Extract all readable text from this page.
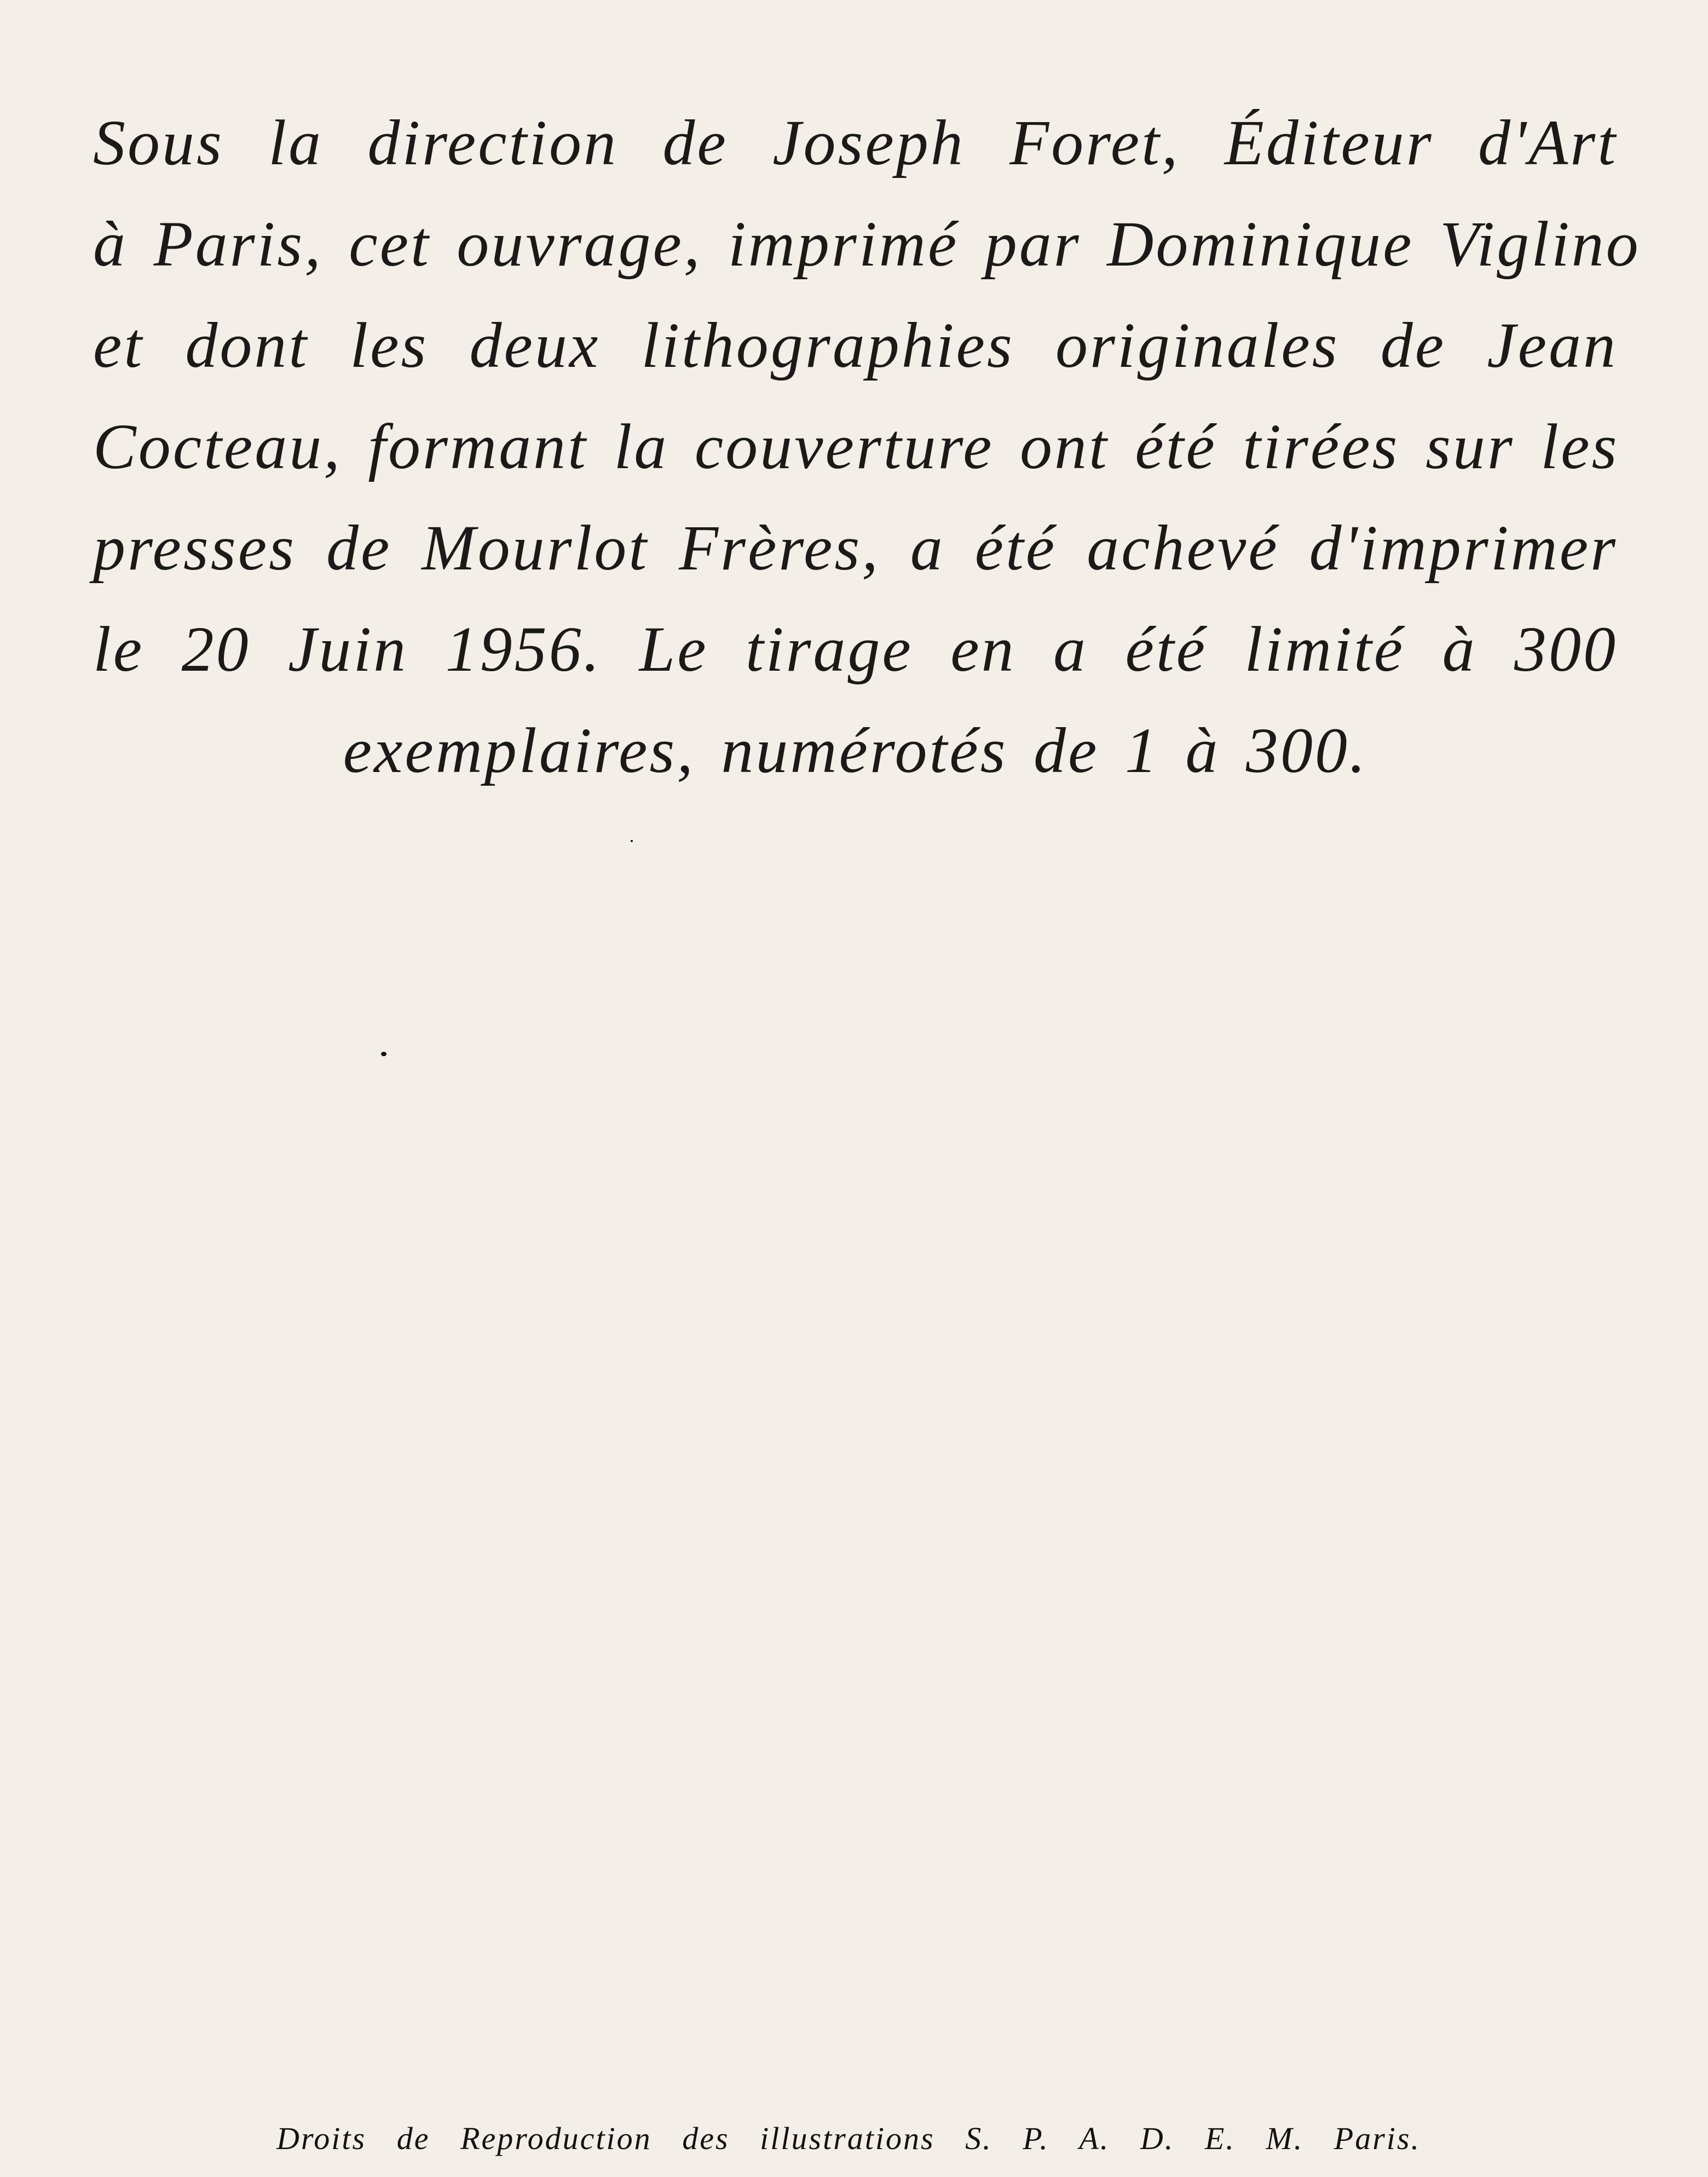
Sous la direction de Joseph Foret, Éditeur d'Art
à Paris, cet ouvrage, imprimé par Dominique Viglino
et dont les deux lithographies originales de Jean
Cocteau, formant la couverture ont été tirées sur les
presses de Mourlot Frères, a été achevé d'imprimer
le 20 Juin 1956. Le tirage en a été limité à 300
exemplaires, numérotés de 1 à 300.
Droits de Reproduction des illustrations S. P. A. D. E. M. Paris.
